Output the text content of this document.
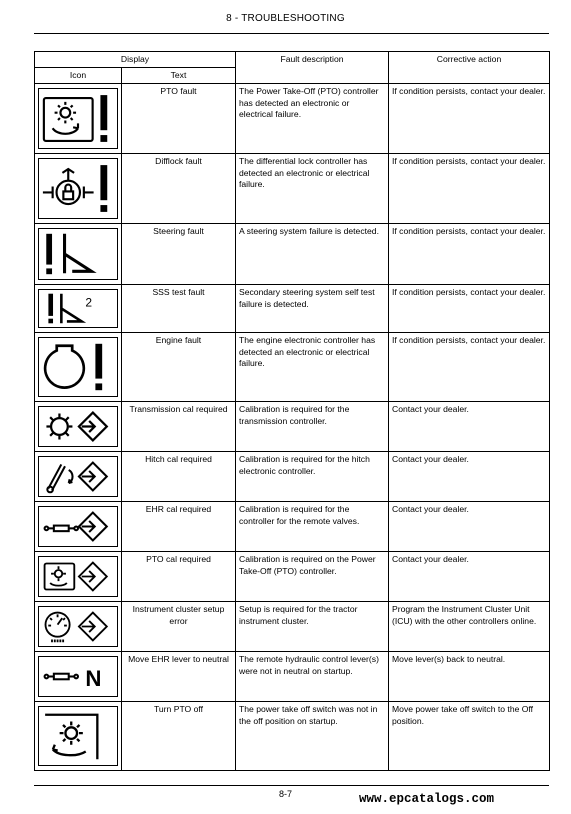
8 - TROUBLESHOOTING
Display		Fault description	Corrective action
Icon	Text		

	PTO fault	The Power Take-Off (PTO) controller has detected an electronic or electrical failure.	If condition persists, contact your dealer.

	Difflock fault	The differential lock controller has detected an electronic or electrical failure.	If condition persists, contact your dealer.

	Steering fault	A steering system failure is detected.	If condition persists, contact your dealer.

2	SSS test fault	Secondary steering system self test failure is detected.	If condition persists, contact your dealer.

	Engine fault	The engine electronic controller has detected an electronic or electrical failure.	If condition persists, contact your dealer.

	Transmission cal required	Calibration is required for the transmission controller.	Contact your dealer.

	Hitch cal required	Calibration is required for the hitch electronic controller.	Contact your dealer.

	EHR cal required	Calibration is required for the controller for the remote valves.	Contact your dealer.

	PTO cal required	Calibration is required on the Power Take-Off (PTO) controller.	Contact your dealer.

	Instrument cluster setup error	Setup is required for the tractor instrument cluster.	Program the Instrument Cluster Unit (ICU) with the other controllers online.

N	Move EHR lever to neutral	The remote hydraulic control lever(s) were not in neutral on startup.	Move lever(s) back to neutral.

	Turn PTO off	The power take off switch was not in the off position on startup.	Move power take off switch to the Off position.
8-7	www.epcatalogs.com
